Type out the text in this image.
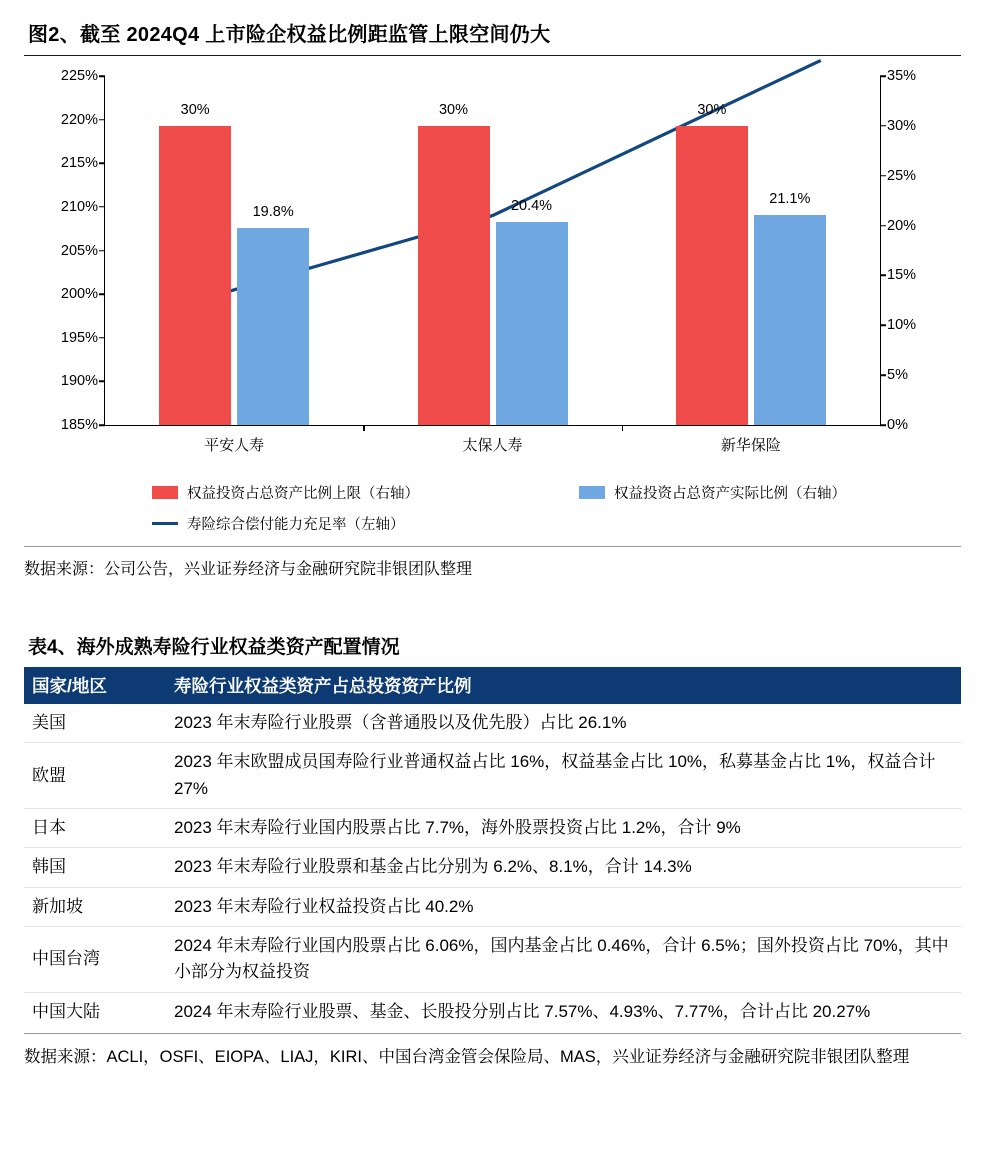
图2、截至 2024Q4 上市险企权益比例距监管上限空间仍大
185%
190%
195%
200%
205%
210%
215%
220%
225%
0%
5%
10%
15%
20%
25%
30%
35%
30%
19.8%
平安人寿
30%
20.4%
太保人寿
30%
21.1%
新华保险
权益投资占总资产比例上限（右轴）	权益投资占总资产实际比例（右轴）
寿险综合偿付能力充足率（左轴）
数据来源：公司公告，兴业证券经济与金融研究院非银团队整理
表4、海外成熟寿险行业权益类资产配置情况
国家/地区	寿险行业权益类资产占总投资资产比例
美国	2023 年末寿险行业股票（含普通股以及优先股）占比 26.1%
欧盟	2023 年末欧盟成员国寿险行业普通权益占比 16%，权益基金占比 10%，私募基金占比 1%，权益合计 27%
日本	2023 年末寿险行业国内股票占比 7.7%，海外股票投资占比 1.2%，合计 9%
韩国	2023 年末寿险行业股票和基金占比分别为 6.2%、8.1%，合计 14.3%
新加坡	2023 年末寿险行业权益投资占比 40.2%
中国台湾	2024 年末寿险行业国内股票占比 6.06%，国内基金占比 0.46%，合计 6.5%；国外投资占比 70%，其中小部分为权益投资
中国大陆	2024 年末寿险行业股票、基金、长股投分别占比 7.57%、4.93%、7.77%，合计占比 20.27%
数据来源：ACLI，OSFI、EIOPA、LIAJ，KIRI、中国台湾金管会保险局、MAS，兴业证券经济与金融研究院非银团队整理
